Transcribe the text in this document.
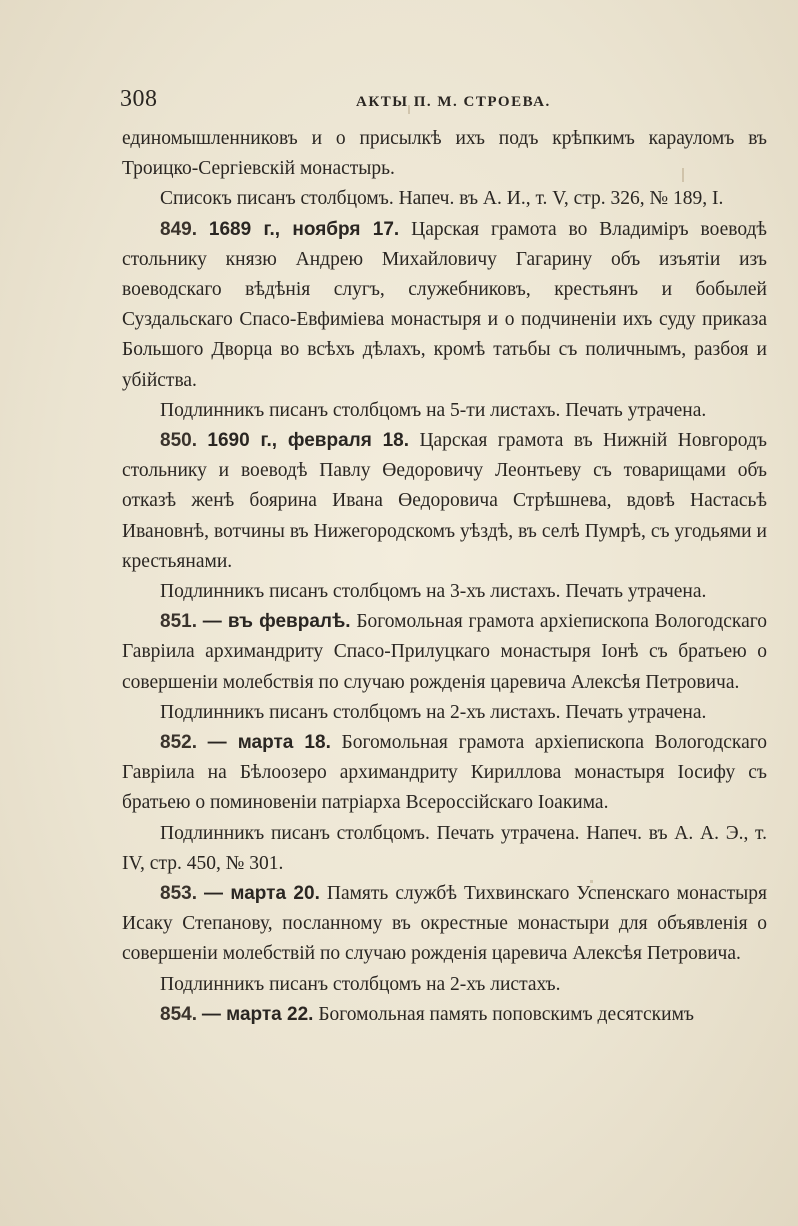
308	АКТЫ П. М. СТРОЕВА.

единомышленниковъ и о присылкѣ ихъ подъ крѣпкимъ карауломъ въ Троицко-Сергіевскій монастырь.

Списокъ писанъ столбцомъ. Напеч. въ А. И., т. V, стр. 326, № 189, I.

849. 1689 г., ноября 17. Царская грамота во Владиміръ воеводѣ стольнику князю Андрею Михайловичу Гагарину объ изъятіи изъ воеводскаго вѣдѣнія слугъ, служебниковъ, крестьянъ и бобылей Суздальскаго Спасо-Евфиміева монастыря и о подчиненіи ихъ суду приказа Большого Дворца во всѣхъ дѣлахъ, кромѣ татьбы съ поличнымъ, разбоя и убійства.

Подлинникъ писанъ столбцомъ на 5-ти листахъ. Печать утрачена.

850. 1690 г., февраля 18. Царская грамота въ Нижній Новгородъ стольнику и воеводѣ Павлу Өедоровичу Леонтьеву съ товарищами объ отказѣ женѣ боярина Ивана Өедоровича Стрѣшнева, вдовѣ Настасьѣ Ивановнѣ, вотчины въ Нижегородскомъ уѣздѣ, въ селѣ Пумрѣ, съ угодьями и крестьянами.

Подлинникъ писанъ столбцомъ на 3-хъ листахъ. Печать утрачена.

851. — въ февралѣ. Богомольная грамота архіепископа Вологодскаго Гавріила архимандриту Спасо-Прилуцкаго монастыря Іонѣ съ братьею о совершеніи молебствія по случаю рожденія царевича Алексѣя Петровича.

Подлинникъ писанъ столбцомъ на 2-хъ листахъ. Печать утрачена.

852. — марта 18. Богомольная грамота архіепископа Вологодскаго Гавріила на Бѣлоозеро архимандриту Кириллова монастыря Іосифу съ братьею о поминовеніи патріарха Всероссійскаго Іоакима.

Подлинникъ писанъ столбцомъ. Печать утрачена. Напеч. въ А. А. Э., т. IV, стр. 450, № 301.

853. — марта 20. Память службѣ Тихвинскаго Успенскаго монастыря Исаку Степанову, посланному въ окрестные монастыри для объявленія о совершеніи молебствій по случаю рожденія царевича Алексѣя Петровича.

Подлинникъ писанъ столбцомъ на 2-хъ листахъ.

854. — марта 22. Богомольная память поповскимъ десятскимъ
